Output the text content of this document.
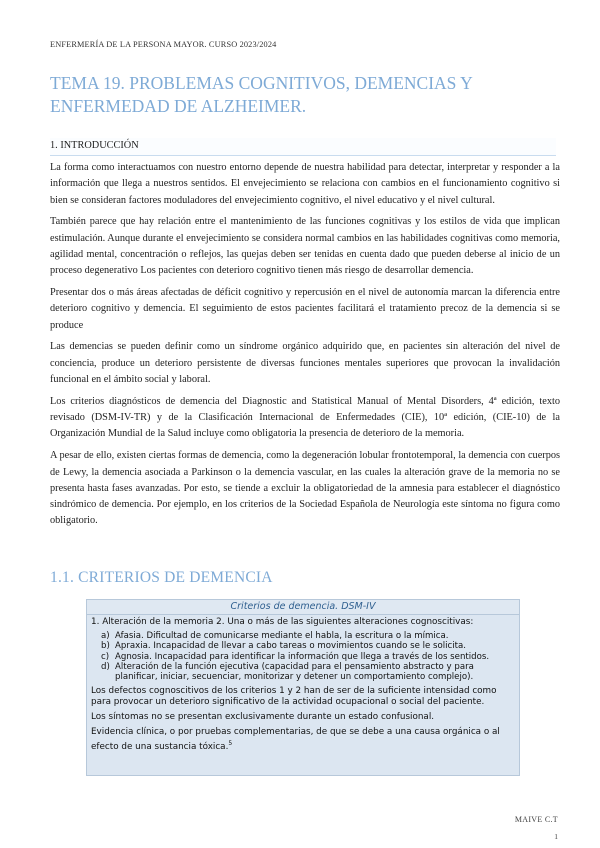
ENFERMERÍA DE LA PERSONA MAYOR. CURSO 2023/2024
TEMA 19. PROBLEMAS COGNITIVOS, DEMENCIAS Y ENFERMEDAD DE ALZHEIMER.
1. INTRODUCCIÓN

La forma como interactuamos con nuestro entorno depende de nuestra habilidad para detectar, interpretar y responder a la información que llega a nuestros sentidos. El envejecimiento se relaciona con cambios en el funcionamiento cognitivo si bien se consideran factores moduladores del envejecimiento cognitivo, el nivel educativo y el nivel cultural.

También parece que hay relación entre el mantenimiento de las funciones cognitivas y los estilos de vida que implican estimulación. Aunque durante el envejecimiento se considera normal cambios en las habilidades cognitivas como memoria, agilidad mental, concentración o reflejos, las quejas deben ser tenidas en cuenta dado que pueden deberse al inicio de un proceso degenerativo Los pacientes con deterioro cognitivo tienen más riesgo de desarrollar demencia.

Presentar dos o más áreas afectadas de déficit cognitivo y repercusión en el nivel de autonomía marcan la diferencia entre deterioro cognitivo y demencia. El seguimiento de estos pacientes facilitará el tratamiento precoz de la demencia si se produce

Las demencias se pueden definir como un síndrome orgánico adquirido que, en pacientes sin alteración del nivel de conciencia, produce un deterioro persistente de diversas funciones mentales superiores que provocan la invalidación funcional en el ámbito social y laboral.

Los criterios diagnósticos de demencia del Diagnostic and Statistical Manual of Mental Disorders, 4ª edición, texto revisado (DSM-IV-TR) y de la Clasificación Internacional de Enfermedades (CIE), 10ª edición, (CIE-10) de la Organización Mundial de la Salud incluye como obligatoria la presencia de deterioro de la memoria.

A pesar de ello, existen ciertas formas de demencia, como la degeneración lobular frontotemporal, la demencia con cuerpos de Lewy, la demencia asociada a Parkinson o la demencia vascular, en las cuales la alteración grave de la memoria no se presenta hasta fases avanzadas. Por esto, se tiende a excluir la obligatoriedad de la amnesia para establecer el diagnóstico sindrómico de demencia. Por ejemplo, en los criterios de la Sociedad Española de Neurología este síntoma no figura como obligatorio.

1.1. CRITERIOS DE DEMENCIA
Criterios de demencia. DSM-IV

1. Alteración de la memoria 2. Una o más de las siguientes alteraciones cognoscitivas:

a) Afasia. Dificultad de comunicarse mediante el habla, la escritura o la mímica.
b) Apraxia. Incapacidad de llevar a cabo tareas o movimientos cuando se le solicita.
c) Agnosia. Incapacidad para identificar la información que llega a través de los sentidos.
d) Alteración de la función ejecutiva (capacidad para el pensamiento abstracto y para planificar, iniciar, secuenciar, monitorizar y detener un comportamiento complejo).

Los defectos cognoscitivos de los criterios 1 y 2 han de ser de la suficiente intensidad como para provocar un deterioro significativo de la actividad ocupacional o social del paciente.

Los síntomas no se presentan exclusivamente durante un estado confusional.

Evidencia clínica, o por pruebas complementarias, de que se debe a una causa orgánica o al efecto de una sustancia tóxica.$^5$

MAIVE C.T
1
